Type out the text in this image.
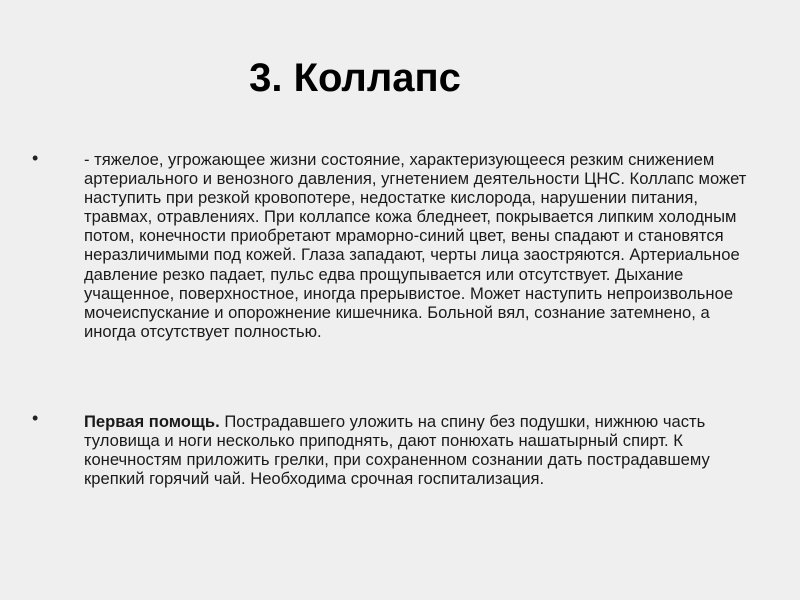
3. Коллапс
•	- тяжелое, угрожающее жизни состояние, характеризующееся резким снижением артериального и венозного давления, угнетением деятельности ЦНС. Коллапс может наступить при резкой кровопотере, недостатке кислорода, нарушении питания, травмах, отравлениях. При коллапсе кожа бледнеет, покрывается липким холодным потом, конечности приобретают мраморно-синий цвет, вены спадают и становятся неразличимыми под кожей. Глаза западают, черты лица заостряются. Артериальное давление резко падает, пульс едва прощупывается или отсутствует. Дыхание учащенное, поверхностное, иногда прерывистое. Может наступить непроизвольное мочеиспускание и опорожнение кишечника. Больной вял, сознание затемнено, а иногда отсутствует полностью.

•	Первая помощь. Пострадавшего уложить на спину без подушки, нижнюю часть туловища и ноги несколько приподнять, дают понюхать нашатырный спирт. К конечностям приложить грелки, при сохраненном сознании дать пострадавшему крепкий горячий чай. Необходима срочная госпитализация.
